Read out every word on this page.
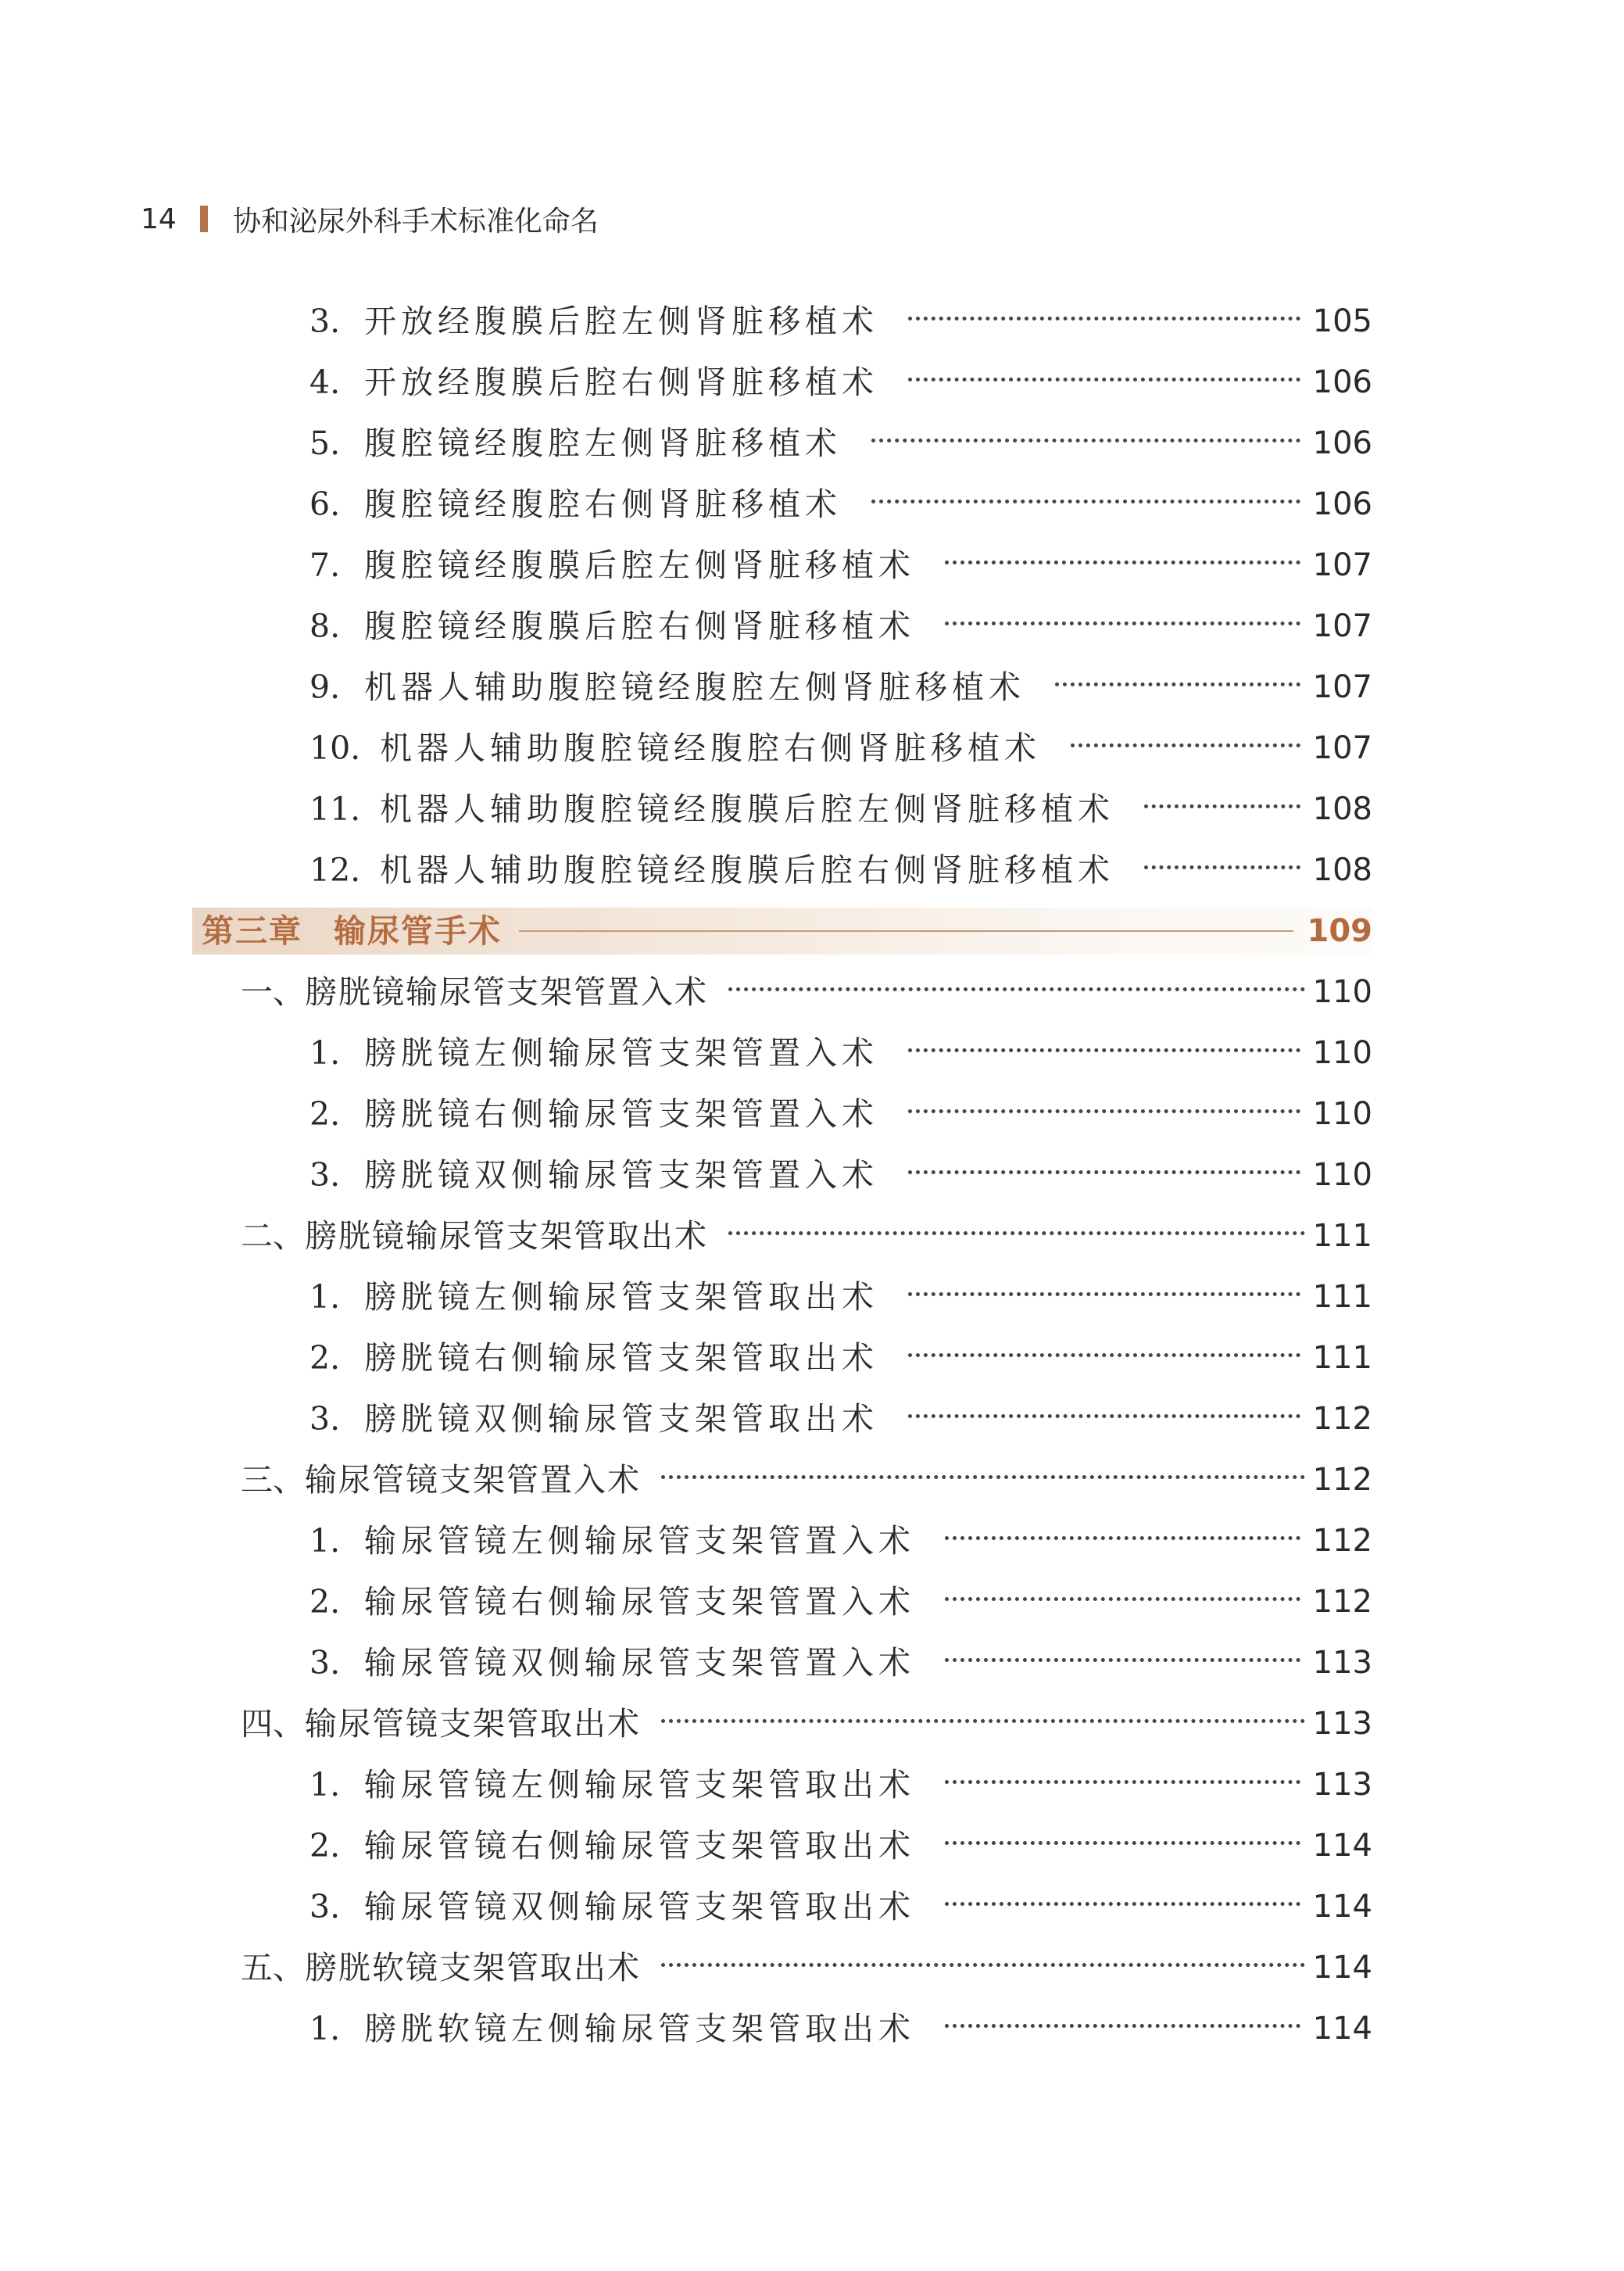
14 协和泌尿外科手术标准化命名
3. 开放经腹膜后腔左侧肾脏移植术	105
4. 开放经腹膜后腔右侧肾脏移植术	106
5. 腹腔镜经腹腔左侧肾脏移植术	106
6. 腹腔镜经腹腔右侧肾脏移植术	106
7. 腹腔镜经腹膜后腔左侧肾脏移植术	107
8. 腹腔镜经腹膜后腔右侧肾脏移植术	107
9. 机器人辅助腹腔镜经腹腔左侧肾脏移植术	107
10. 机器人辅助腹腔镜经腹腔右侧肾脏移植术	107
11. 机器人辅助腹腔镜经腹膜后腔左侧肾脏移植术	108
12. 机器人辅助腹腔镜经腹膜后腔右侧肾脏移植术	108
第三章 输尿管手术	109
一、 膀胱镜输尿管支架管置入术	110
1. 膀胱镜左侧输尿管支架管置入术	110
2. 膀胱镜右侧输尿管支架管置入术	110
3. 膀胱镜双侧输尿管支架管置入术	110
二、 膀胱镜输尿管支架管取出术	111
1. 膀胱镜左侧输尿管支架管取出术	111
2. 膀胱镜右侧输尿管支架管取出术	111
3. 膀胱镜双侧输尿管支架管取出术	112
三、 输尿管镜支架管置入术	112
1. 输尿管镜左侧输尿管支架管置入术	112
2. 输尿管镜右侧输尿管支架管置入术	112
3. 输尿管镜双侧输尿管支架管置入术	113
四、 输尿管镜支架管取出术	113
1. 输尿管镜左侧输尿管支架管取出术	113
2. 输尿管镜右侧输尿管支架管取出术	114
3. 输尿管镜双侧输尿管支架管取出术	114
五、 膀胱软镜支架管取出术	114
1. 膀胱软镜左侧输尿管支架管取出术	114
